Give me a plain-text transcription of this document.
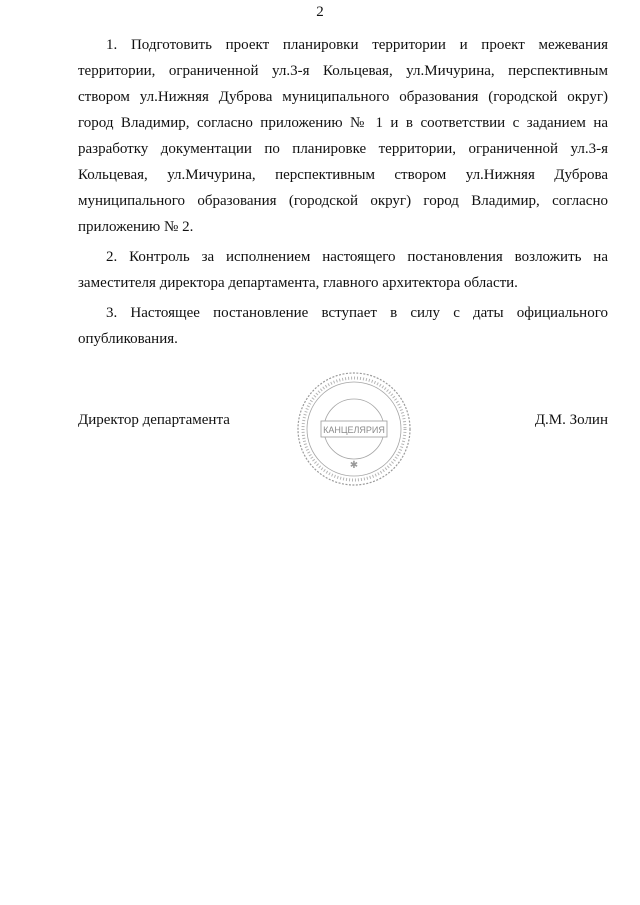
2

1. Подготовить проект планировки территории и проект межевания территории, ограниченной ул.3-я Кольцевая, ул.Мичурина, перспективным створом ул.Нижняя Дуброва муниципального образования (городской округ) город Владимир, согласно приложению № 1 и в соответствии с заданием на разработку документации по планировке территории, ограниченной ул.3-я Кольцевая, ул.Мичурина, перспективным створом ул.Нижняя Дуброва муниципального образования (городской округ) город Владимир, согласно приложению № 2.

2. Контроль за исполнением настоящего постановления возложить на заместителя директора департамента, главного архитектора области.

3. Настоящее постановление вступает в силу с даты официального опубликования.

Директор департамента
КАНЦЕЛЯРИЯ
✱
Д.М. Золин
